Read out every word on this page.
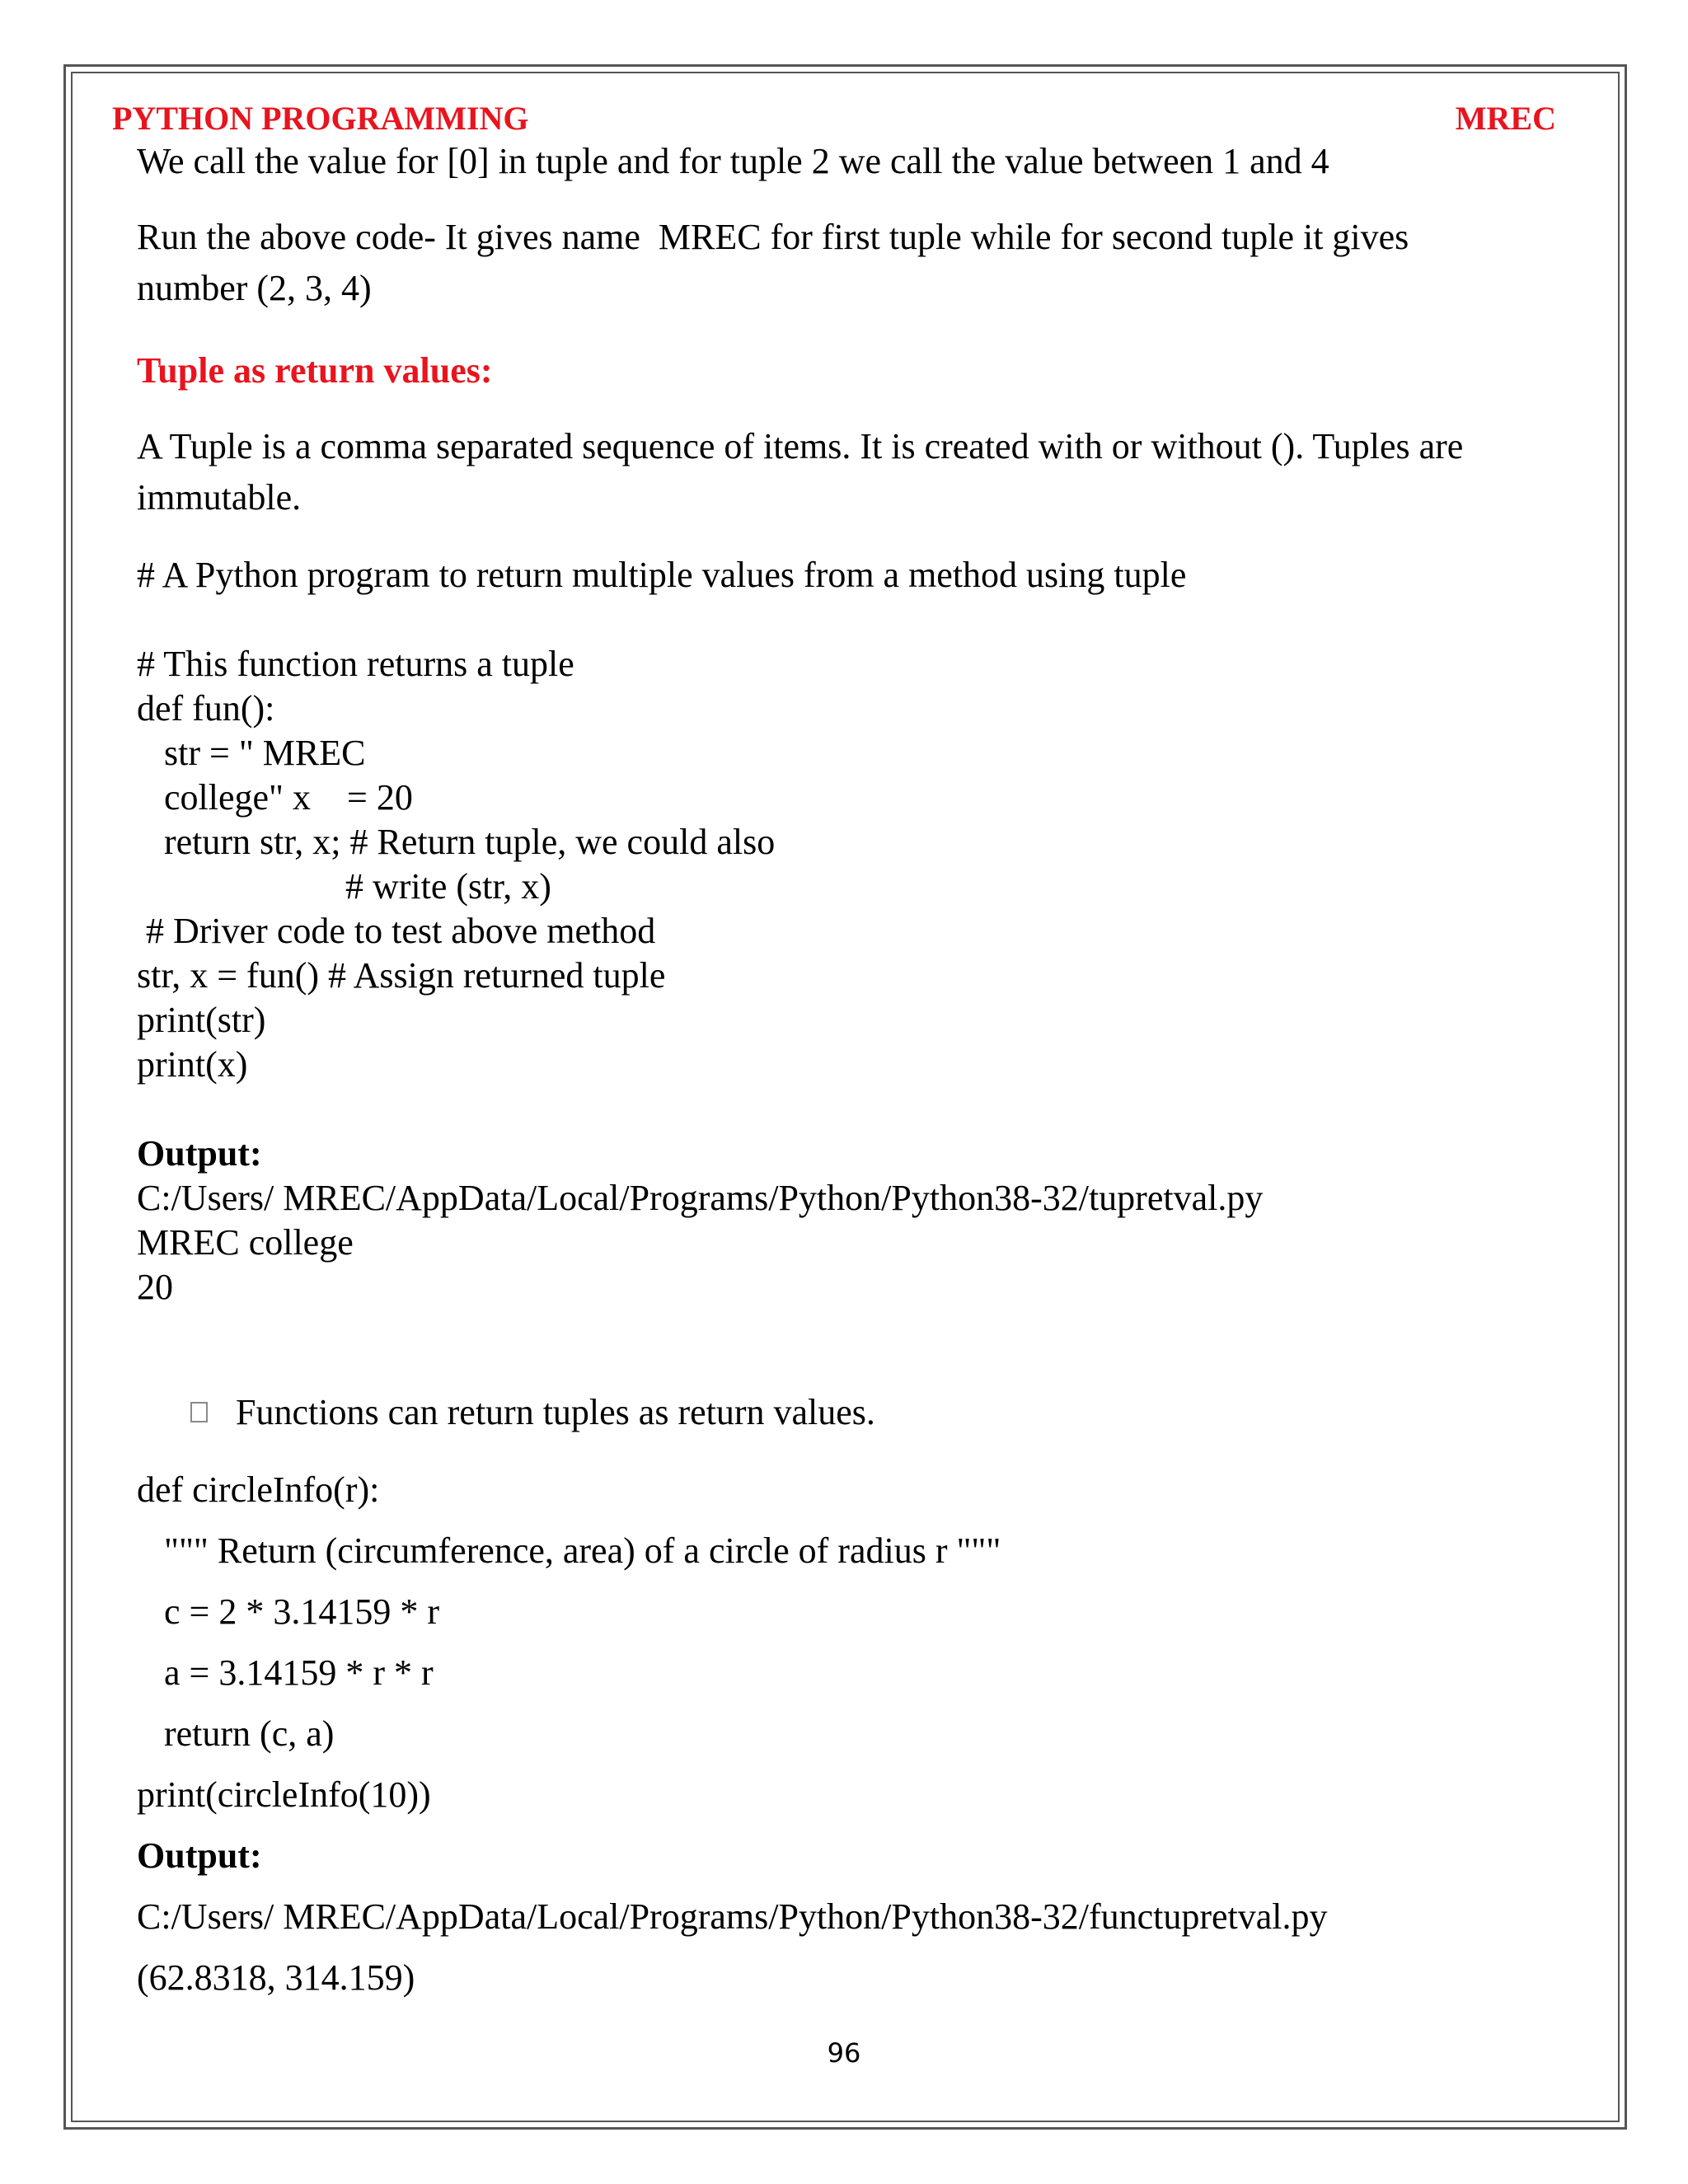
PYTHON PROGRAMMING	MREC
We call the value for [0] in tuple and for tuple 2 we call the value between 1 and 4
Run the above code- It gives name  MREC for first tuple while for second tuple it gives
number (2, 3, 4)
Tuple as return values:
A Tuple is a comma separated sequence of items. It is created with or without (). Tuples are
immutable.
# A Python program to return multiple values from a method using tuple
# This function returns a tuple
def fun():
str = " MREC
college" x    = 20
return str, x; # Return tuple, we could also
# write (str, x)
# Driver code to test above method
str, x = fun() # Assign returned tuple
print(str)
print(x)
Output:
C:/Users/ MREC/AppData/Local/Programs/Python/Python38-32/tupretval.py
MREC college
20
Functions can return tuples as return values.
def circleInfo(r):
""" Return (circumference, area) of a circle of radius r """
c = 2 * 3.14159 * r
a = 3.14159 * r * r
return (c, a)
print(circleInfo(10))
Output:
C:/Users/ MREC/AppData/Local/Programs/Python/Python38-32/functupretval.py
(62.8318, 314.159)
96
